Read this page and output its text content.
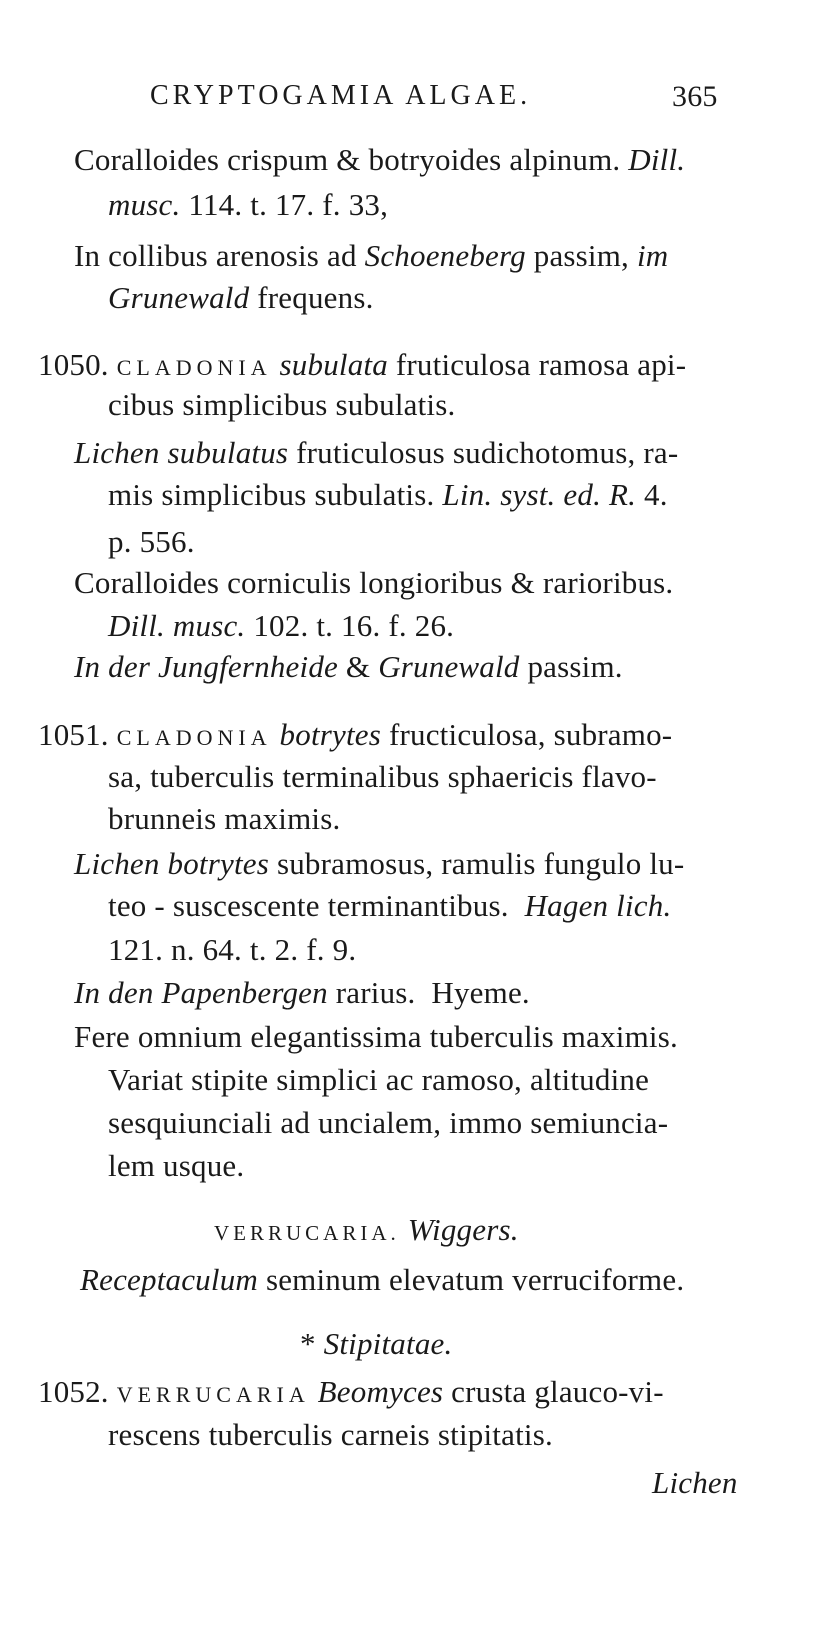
CRYPTOGAMIA ALGAE.	365
Coralloides crispum & botryoides alpinum. Dill.
musc. 114. t. 17. f. 33,
In collibus arenosis ad Schoeneberg passim, im
Grunewald frequens.
1050. CLADONIA subulata fruticulosa ramosa api-
cibus simplicibus subulatis.
Lichen subulatus fruticulosus sudichotomus, ra-
mis simplicibus subulatis. Lin. syst. ed. R. 4.
p. 556.
Coralloides corniculis longioribus & rarioribus.
Dill. musc. 102. t. 16. f. 26.
In der Jungfernheide & Grunewald passim.
1051. CLADONIA botrytes fructiculosa, subramo-
sa, tuberculis terminalibus sphaericis flavo-
brunneis maximis.
Lichen botrytes subramosus, ramulis fungulo lu-
teo - suscescente terminantibus.  Hagen lich.
121. n. 64. t. 2. f. 9.
In den Papenbergen rarius.  Hyeme.
Fere omnium elegantissima tuberculis maximis.
Variat stipite simplici ac ramoso, altitudine
sesquiunciali ad uncialem, immo semiuncia-
lem usque.
VERRUCARIA. Wiggers.
Receptaculum seminum elevatum verruciforme.
* Stipitatae.
1052. VERRUCARIA Beomyces crusta glauco-vi-
rescens tuberculis carneis stipitatis.
Lichen
